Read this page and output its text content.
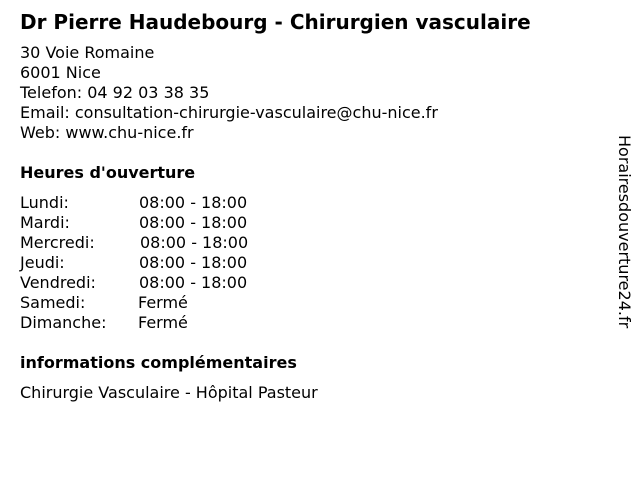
Dr Pierre Haudebourg - Chirurgien vasculaire

30 Voie Romaine

6001 Nice

Telefon: 04 92 03 38 35

Email: consultation-chirurgie-vasculaire@chu-nice.fr

Web: www.chu-nice.fr

Heures d'ouverture
Lundi:	08:00 - 18:00
Mardi:	08:00 - 18:00
Mercredi:	08:00 - 18:00
Jeudi:	08:00 - 18:00
Vendredi:	08:00 - 18:00
Samedi:	Fermé
Dimanche: Fermé
informations complémentaires

Chirurgie Vasculaire - Hôpital Pasteur

Horairesdouverture24.fr
